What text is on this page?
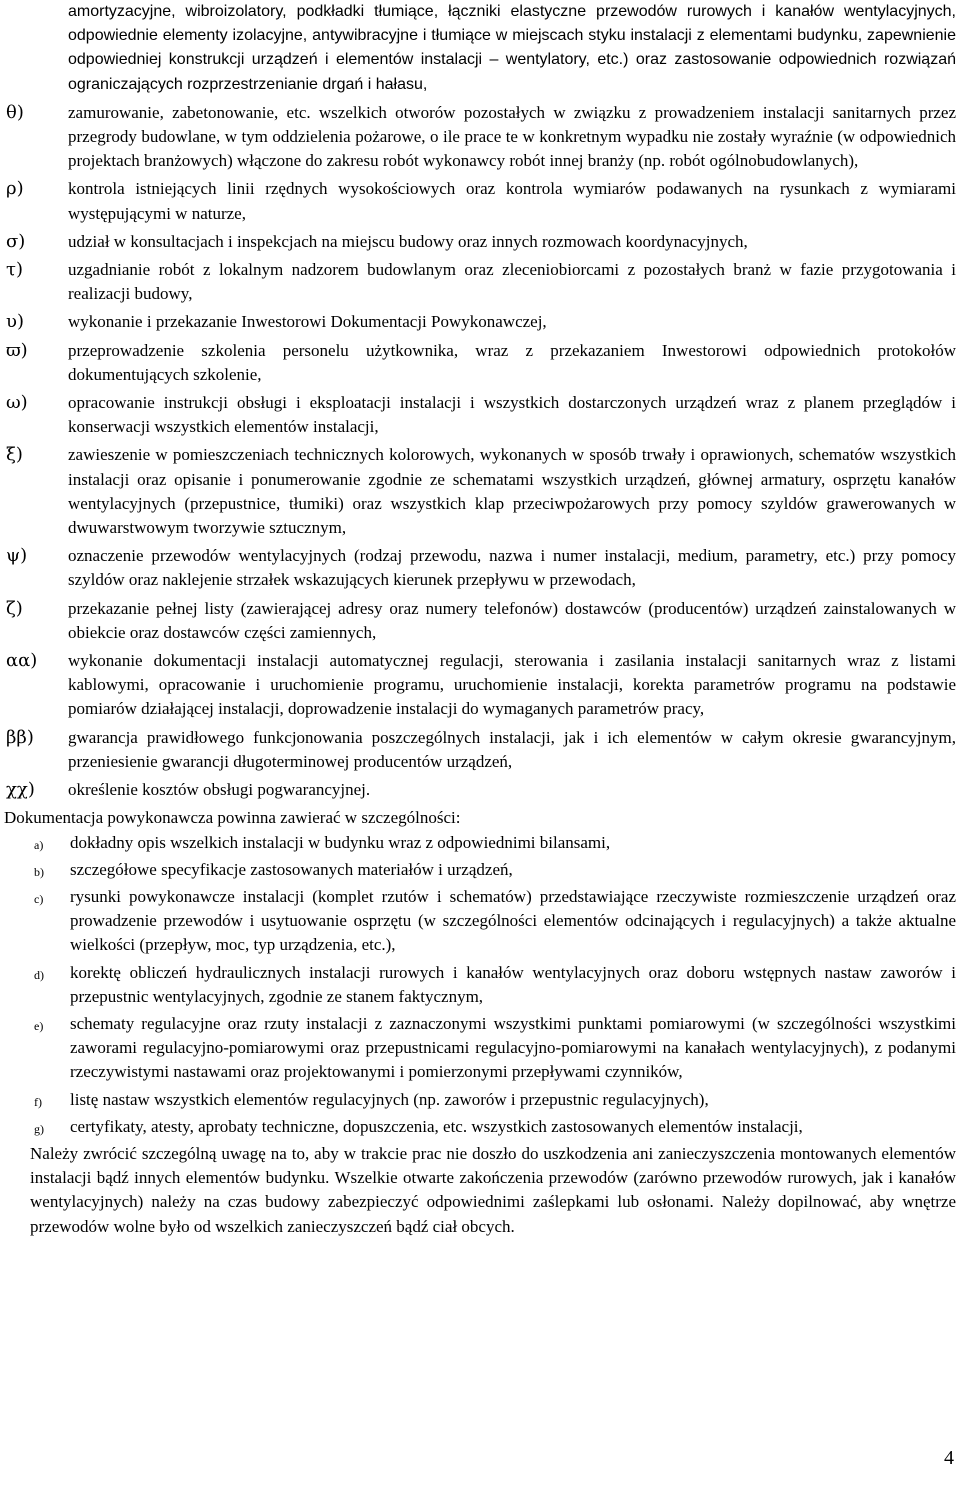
amortyzacyjne, wibroizolatory, podkładki tłumiące, łączniki elastyczne przewodów rurowych i kanałów wentylacyjnych, odpowiednie elementy izolacyjne, antywibracyjne i tłumiące w miejscach styku instalacji z elementami budynku, zapewnienie odpowiedniej konstrukcji urządzeń i elementów instalacji – wentylatory, etc.) oraz zastosowanie odpowiednich rozwiązań ograniczających rozprzestrzenianie drgań i hałasu,
θ)	zamurowanie, zabetonowanie, etc. wszelkich otworów pozostałych w związku z prowadzeniem instalacji sanitarnych przez przegrody budowlane, w tym oddzielenia pożarowe, o ile prace te w konkretnym wypadku nie zostały wyraźnie (w odpowiednich projektach branżowych) włączone do zakresu robót wykonawcy robót innej branży (np. robót ogólnobudowlanych),
ρ)	kontrola istniejących linii rzędnych wysokościowych oraz kontrola wymiarów podawanych na rysunkach z wymiarami występującymi w naturze,
σ)	udział w konsultacjach i inspekcjach na miejscu budowy oraz innych rozmowach koordynacyjnych,
τ)	uzgadnianie robót z lokalnym nadzorem budowlanym oraz zleceniobiorcami z pozostałych branż w fazie przygotowania i realizacji budowy,
υ)	wykonanie i przekazanie Inwestorowi Dokumentacji Powykonawczej,
ϖ) przeprowadzenie szkolenia personelu użytkownika, wraz z przekazaniem Inwestorowi odpowiednich protokołów dokumentujących szkolenie,
ω) opracowanie instrukcji obsługi i eksploatacji instalacji i wszystkich dostarczonych urządzeń wraz z planem przeglądów i konserwacji wszystkich elementów instalacji,
ξ)	zawieszenie w pomieszczeniach technicznych kolorowych, wykonanych w sposób trwały i oprawionych, schematów wszystkich instalacji oraz opisanie i ponumerowanie zgodnie ze schematami wszystkich urządzeń, głównej armatury, osprzętu kanałów wentylacyjnych (przepustnice, tłumiki) oraz wszystkich klap przeciwpożarowych przy pomocy szyldów grawerowanych w dwuwarstwowym tworzywie sztucznym,
ψ) oznaczenie przewodów wentylacyjnych (rodzaj przewodu, nazwa i numer instalacji, medium, parametry, etc.) przy pomocy szyldów oraz naklejenie strzałek wskazujących kierunek przepływu w przewodach,
ζ)	przekazanie pełnej listy (zawierającej adresy oraz numery telefonów) dostawców (producentów) urządzeń zainstalowanych w obiekcie oraz dostawców części zamiennych,
αα) wykonanie dokumentacji instalacji automatycznej regulacji, sterowania i zasilania instalacji sanitarnych wraz z listami kablowymi, opracowanie i uruchomienie programu, uruchomienie instalacji, korekta parametrów programu na podstawie pomiarów działającej instalacji, doprowadzenie instalacji do wymaganych parametrów pracy,
ββ) gwarancja prawidłowego funkcjonowania poszczególnych instalacji, jak i ich elementów w całym okresie gwarancyjnym, przeniesienie gwarancji długoterminowej producentów urządzeń,
χχ) określenie kosztów obsługi pogwarancyjnej.

Dokumentacja powykonawcza powinna zawierać w szczególności:

a) dokładny opis wszelkich instalacji w budynku wraz z odpowiednimi bilansami,
b) szczegółowe specyfikacje zastosowanych materiałów i urządzeń,
c) rysunki powykonawcze instalacji (komplet rzutów i schematów) przedstawiające rzeczywiste rozmieszczenie urządzeń oraz prowadzenie przewodów i usytuowanie osprzętu (w szczególności elementów odcinających i regulacyjnych) a także aktualne wielkości (przepływ, moc, typ urządzenia, etc.),
d) korektę obliczeń hydraulicznych instalacji rurowych i kanałów wentylacyjnych oraz doboru wstępnych nastaw zaworów i przepustnic wentylacyjnych, zgodnie ze stanem faktycznym,
e) schematy regulacyjne oraz rzuty instalacji z zaznaczonymi wszystkimi punktami pomiarowymi (w szczególności wszystkimi zaworami regulacyjno-pomiarowymi oraz przepustnicami regulacyjno-pomiarowymi na kanałach wentylacyjnych), z podanymi rzeczywistymi nastawami oraz projektowanymi i pomierzonymi przepływami czynników,
f) listę nastaw wszystkich elementów regulacyjnych (np. zaworów i przepustnic regulacyjnych),
g) certyfikaty, atesty, aprobaty techniczne, dopuszczenia, etc. wszystkich zastosowanych elementów instalacji,

Należy zwrócić szczególną uwagę na to, aby w trakcie prac nie doszło do uszkodzenia ani zanieczyszczenia montowanych elementów instalacji bądź innych elementów budynku. Wszelkie otwarte zakończenia przewodów (zarówno przewodów rurowych, jak i kanałów wentylacyjnych) należy na czas budowy zabezpieczyć odpowiednimi zaślepkami lub osłonami. Należy dopilnować, aby wnętrze przewodów wolne było od wszelkich zanieczyszczeń bądź ciał obcych.

4
